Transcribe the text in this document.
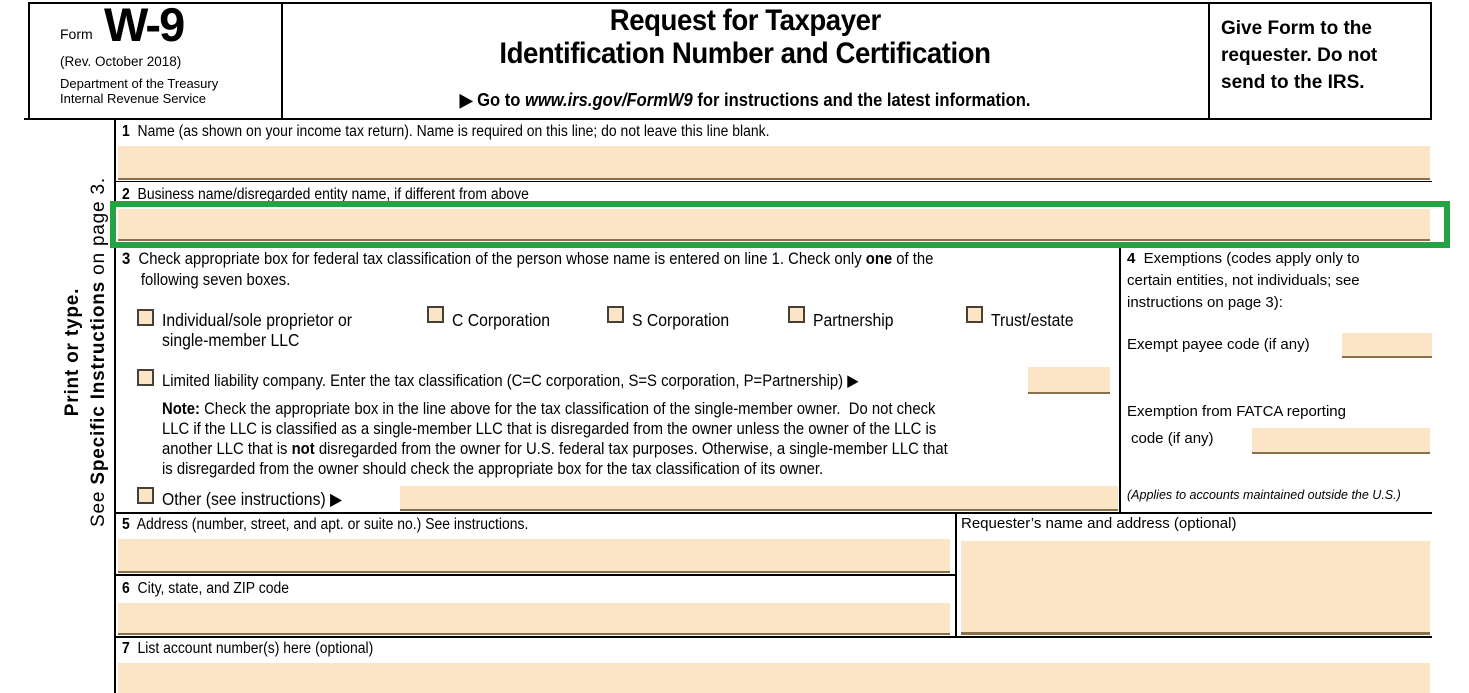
Form W-9
(Rev. October 2018)
Department of the Treasury
Internal Revenue Service
Request for Taxpayer
Identification Number and Certification
▶ Go to www.irs.gov/FormW9 for instructions and the latest information.
Give Form to the
requester. Do not
send to the IRS.
Print or type.
See Specific Instructions on page 3.
1  Name (as shown on your income tax return). Name is required on this line; do not leave this line blank.
2  Business name/disregarded entity name, if different from above
3  Check appropriate box for federal tax classification of the person whose name is entered on line 1. Check only one of the
following seven boxes.
Individual/sole proprietor or
single-member LLC
C Corporation	S Corporation	Partnership	Trust/estate
Limited liability company. Enter the tax classification (C=C corporation, S=S corporation, P=Partnership) ▶
Note: Check the appropriate box in the line above for the tax classification of the single-member owner.  Do not check
LLC if the LLC is classified as a single-member LLC that is disregarded from the owner unless the owner of the LLC is
another LLC that is not disregarded from the owner for U.S. federal tax purposes. Otherwise, a single-member LLC that
is disregarded from the owner should check the appropriate box for the tax classification of its owner.
Other (see instructions) ▶
4  Exemptions (codes apply only to
certain entities, not individuals; see
instructions on page 3):
Exempt payee code (if any)
Exemption from FATCA reporting
code (if any)
(Applies to accounts maintained outside the U.S.)
5  Address (number, street, and apt. or suite no.) See instructions.
6  City, state, and ZIP code
Requester’s name and address (optional)
7  List account number(s) here (optional)
